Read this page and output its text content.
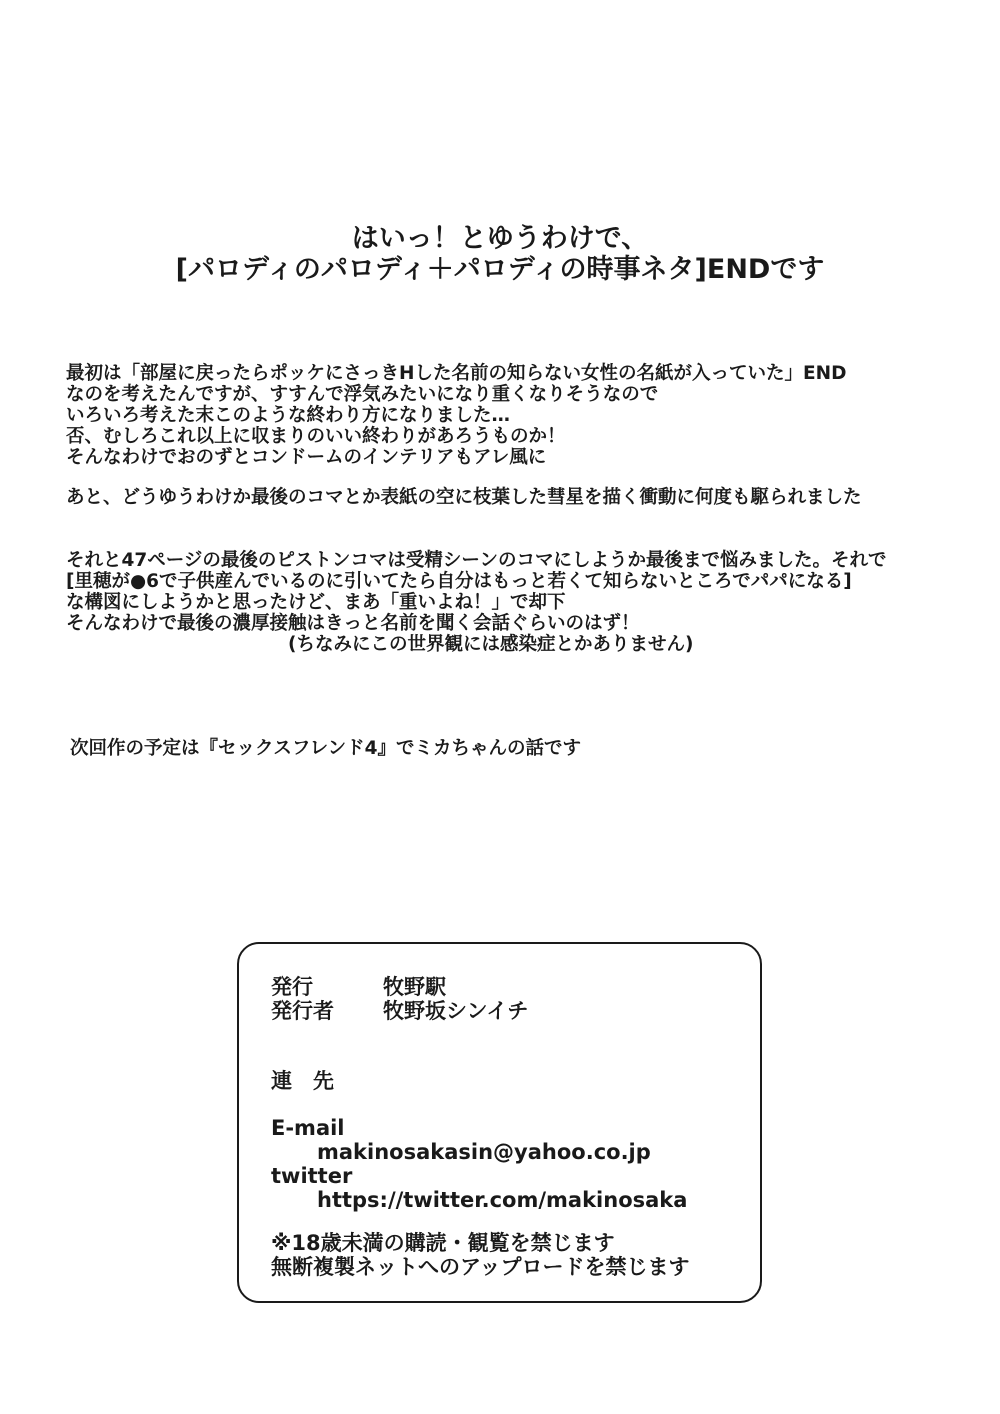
はいっ！とゆうわけで、
[パロディのパロディ＋パロディの時事ネタ]ENDです
最初は「部屋に戻ったらポッケにさっきHした名前の知らない女性の名紙が入っていた」END
なのを考えたんですが、すすんで浮気みたいになり重くなりそうなので
いろいろ考えた末このような終わり方になりました…
否、むしろこれ以上に収まりのいい終わりがあろうものか！
そんなわけでおのずとコンドームのインテリアもアレ風に
あと、どうゆうわけか最後のコマとか表紙の空に枝葉した彗星を描く衝動に何度も駆られました
それと47ページの最後のピストンコマは受精シーンのコマにしようか最後まで悩みました。それで
[里穂が●6で子供産んでいるのに引いてたら自分はもっと若くて知らないところでパパになる]
な構図にしようかと思ったけど、まあ「重いよね！」で却下
そんなわけで最後の濃厚接触はきっと名前を聞く会話ぐらいのはず！
(ちなみにこの世界観には感染症とかありません)
次回作の予定は『セックスフレンド4』でミカちゃんの話です
発行	牧野駅
発行者 牧野坂シンイチ
連　先
E-mail
makinosakasin@yahoo.co.jp
twitter
https://twitter.com/makinosaka
※18歳未満の購読・観覧を禁じます
無断複製ネットへのアップロードを禁じます
